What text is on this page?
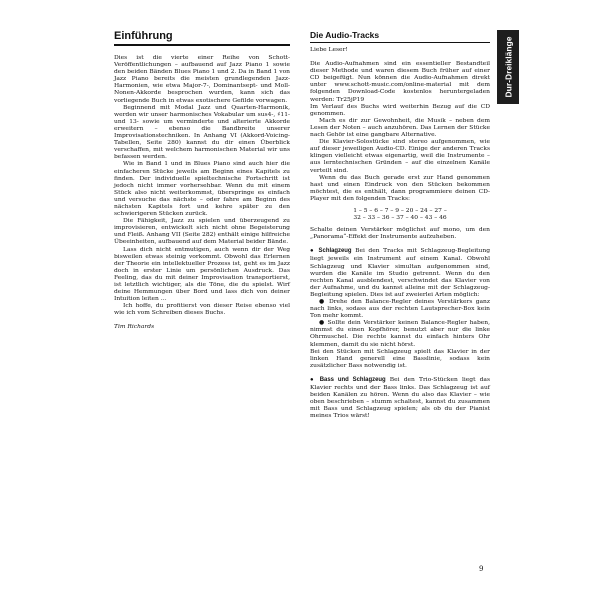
Einführung

Dies ist die vierte einer Reihe von Schott-Veröffentlichungen – aufbauend auf Jazz Piano 1 sowie den beiden Bänden Blues Piano 1 und 2. Da in Band 1 von Jazz Piano bereits die meisten grundlegenden Jazz-Harmonien, wie etwa Major-7-, Dominantsept- und Moll-Nonen-Akkorde besprochen wurden, kann sich das vorliegende Buch in etwas exotischere Gefilde vorwagen.

Beginnend mit Modal Jazz und Quarten-Harmonik, werden wir unser harmonisches Vokabular um sus4-, ♯11- und 13- sowie um verminderte und alterierte Akkorde erweitern – ebenso die Bandbreite unserer Improvisationstechniken. In Anhang VI (Akkord-Voicing-Tabellen, Seite 280) kannst du dir einen Überblick verschaffen, mit welchem harmonischen Material wir uns befassen werden.

Wie in Band 1 und in Blues Piano sind auch hier die einfacheren Stücke jeweils am Beginn eines Kapitels zu finden. Der individuelle spieltechnische Fortschritt ist jedoch nicht immer vorhersehbar. Wenn du mit einem Stück also nicht weiterkommst, überspringe es einfach und versuche das nächste – oder fahre am Beginn des nächsten Kapitels fort und kehre später zu den schwierigeren Stücken zurück.

Die Fähigkeit, Jazz zu spielen und überzeugend zu improvisieren, entwickelt sich nicht ohne Begeisterung und Fleiß. Anhang VII (Seite 282) enthält einige hilfreiche Übeeinheiten, aufbauend auf dem Material beider Bände.

Lass dich nicht entmutigen, auch wenn dir der Weg bisweilen etwas steinig vorkommt. Obwohl das Erlernen der Theorie ein intellektueller Prozess ist, geht es im Jazz doch in erster Linie um persönlichen Ausdruck. Das Feeling, das du mit deiner Improvisation transportierst, ist letztlich wichtiger, als die Töne, die du spielst. Wirf deine Hemmungen über Bord und lass dich von deiner Intuition leiten …

Ich hoffe, du profitierst von dieser Reise ebenso viel wie ich vom Schreiben dieses Buchs.

Tim Richards

Die Audio-Tracks

Liebe Leser!

Die Audio-Aufnahmen sind ein essentieller Bestandteil dieser Methode und waren diesem Buch früher auf einer CD beigefügt. Nun können die Audio-Aufnahmen direkt unter www.schott-music.com/online-material mit dem folgenden Download-Code kostenlos heruntergeladen werden: Tr25jP19

Im Verlauf des Buchs wird weiterhin Bezug auf die CD genommen.

Mach es dir zur Gewohnheit, die Musik – neben dem Lesen der Noten – auch anzuhören. Das Lernen der Stücke nach Gehör ist eine gangbare Alternative.

Die Klavier-Solostücke sind stereo aufgenommen, wie auf dieser jeweiligen Audio-CD. Einige der anderen Tracks klingen vielleicht etwas eigenartig, weil die Instrumente – aus lerntechnischen Gründen – auf die einzelnen Kanäle verteilt sind.

Wenn du das Buch gerade erst zur Hand genommen hast und einen Eindruck von den Stücken bekommen möchtest, die es enthält, dann programmiere deinen CD-Player mit den folgenden Tracks:

1 – 5 – 6 – 7 – 9 – 20 – 24 – 27 –
32 – 33 – 36 – 37 – 40 – 43 – 46

Schalte deinen Verstärker möglichst auf mono, um den „Panorama“-Effekt der Instrumente aufzuheben.

● Schlagzeug Bei den Tracks mit Schlagzeug-Begleitung liegt jeweils ein Instrument auf einem Kanal. Obwohl Schlagzeug und Klavier simultan aufgenommen sind, wurden die Kanäle im Studio getrennt. Wenn du den rechten Kanal ausblendest, verschwindet das Klavier von der Aufnahme, und du kannst alleine mit der Schlagzeug-Begleitung spielen. Dies ist auf zweierlei Arten möglich:

● Drehe den Balance-Regler deines Verstärkers ganz nach links, sodass aus der rechten Lautsprecher-Box kein Ton mehr kommt.

● Sollte dein Verstärker keinen Balance-Regler haben, nimmst du einen Kopfhörer, benutzt aber nur die linke Ohrmuschel. Die rechte kannst du einfach hinters Ohr klemmen, damit du sie nicht hörst.

Bei den Stücken mit Schlagzeug spielt das Klavier in der linken Hand generell eine Basslinie, sodass kein zusätzlicher Bass notwendig ist.

● Bass und Schlagzeug Bei den Trio-Stücken liegt das Klavier rechts und der Bass links. Das Schlagzeug ist auf beiden Kanälen zu hören. Wenn du also das Klavier – wie oben beschrieben – stumm schaltest, kannst du zusammen mit Bass und Schlagzeug spielen; als ob du der Pianist meines Trios wärst!

Dur-Dreiklänge
9
